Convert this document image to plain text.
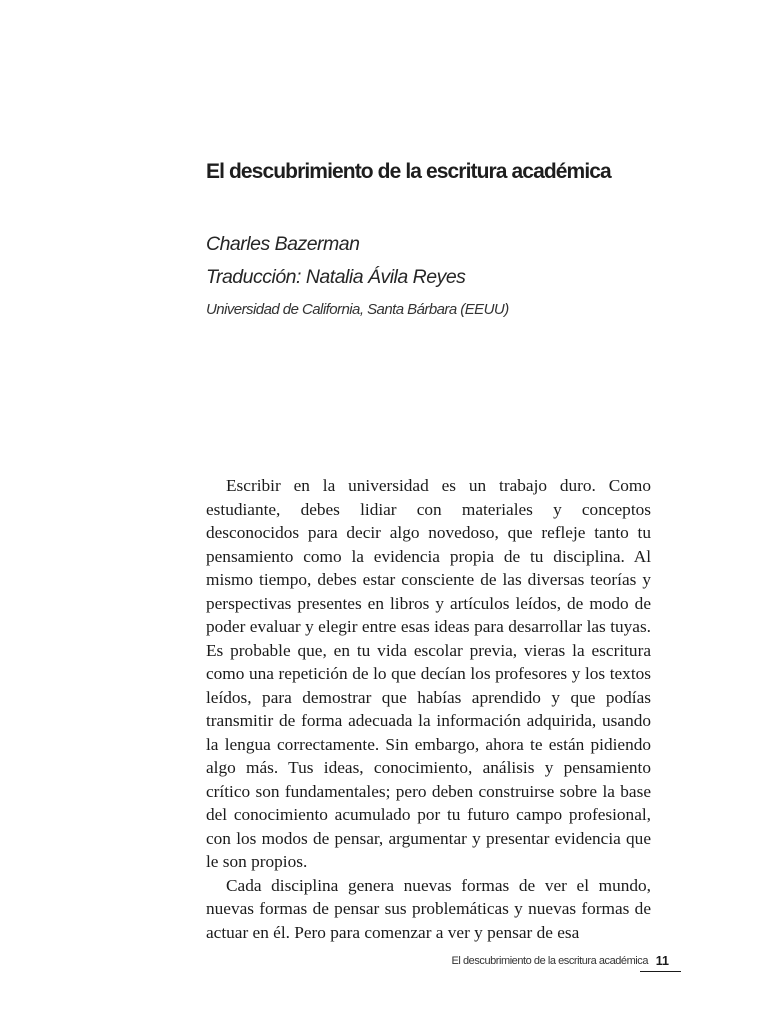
El descubrimiento de la escritura académica

Charles Bazerman

Traducción: Natalia Ávila Reyes

Universidad de California, Santa Bárbara (EEUU)

Escribir en la universidad es un trabajo duro. Como estudiante, debes lidiar con materiales y conceptos desconocidos para decir algo novedoso, que refleje tanto tu pensamiento como la evidencia propia de tu disciplina. Al mismo tiempo, debes estar consciente de las diversas teorías y perspectivas presentes en libros y artículos leídos, de modo de poder evaluar y elegir entre esas ideas para desarrollar las tuyas. Es probable que, en tu vida escolar previa, vieras la escritura como una repetición de lo que decían los profesores y los textos leídos, para demostrar que habías aprendido y que podías transmitir de forma adecuada la información adquirida, usando la lengua correctamente. Sin embargo, ahora te están pidiendo algo más. Tus ideas, conocimiento, análisis y pensamiento crítico son fundamentales; pero deben construirse sobre la base del conocimiento acumulado por tu futuro campo profesional, con los modos de pensar, argumentar y presentar evidencia que le son propios.

Cada disciplina genera nuevas formas de ver el mundo, nuevas formas de pensar sus problemáticas y nuevas formas de actuar en él. Pero para comenzar a ver y pensar de esa

El descubrimiento de la escritura académica 11
